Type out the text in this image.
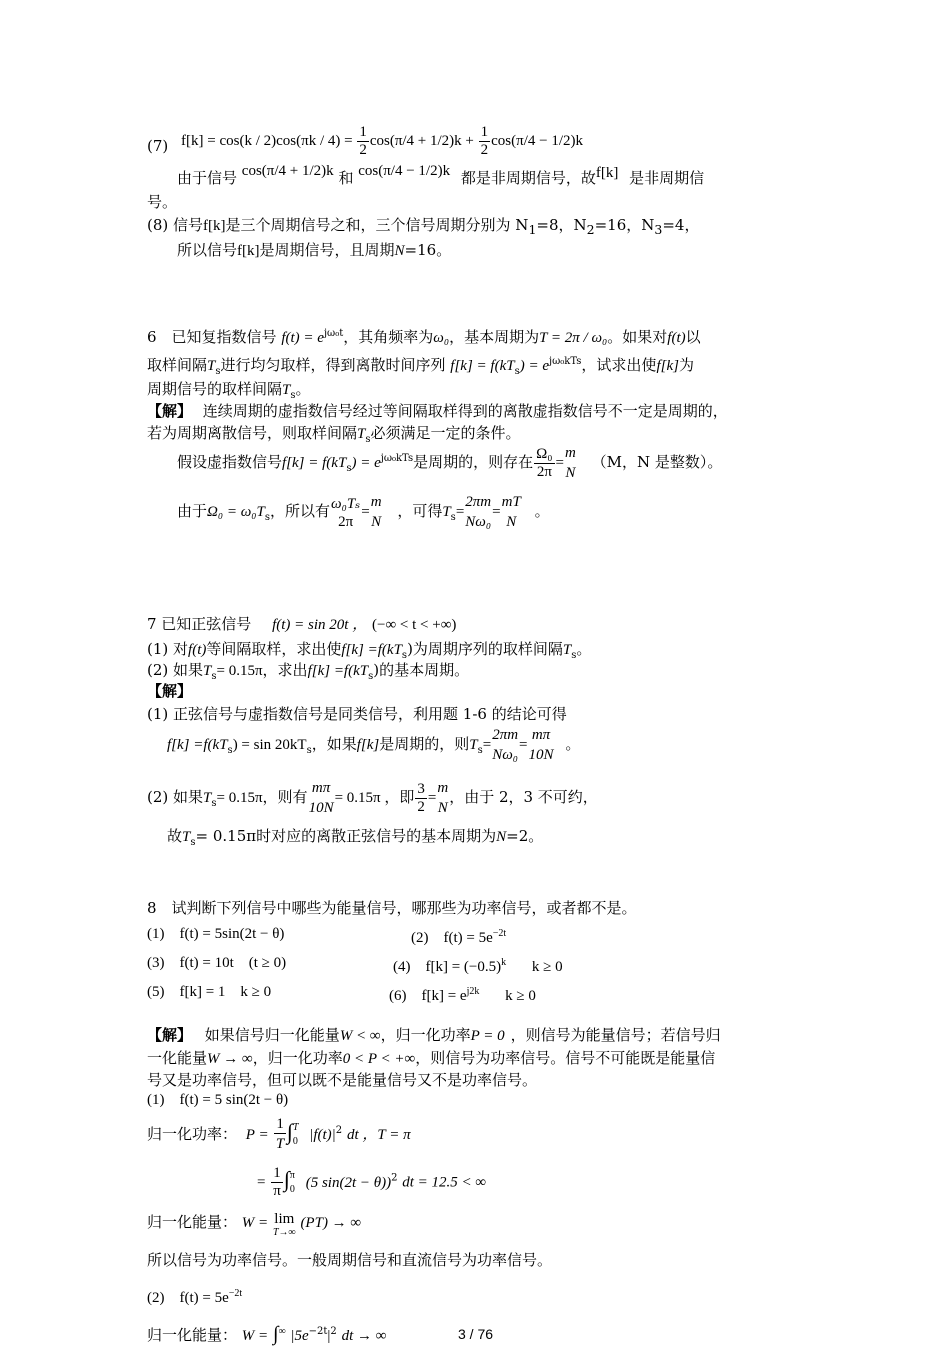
(7) $f[k] = \cos(k / 2)\cos(\pi k / 4) = \frac{1}{2} \cos(\pi/4 + 1/2)k + \frac{1}{2} \cos(\pi/4 - 1/2)k$
由于信号 cos(π/4 + 1/2)k 和 cos(π/4 − 1/2)k 都是非周期信号，故f[k] 是非周期信
号。
(8) 信号f[k]是三个周期信号之和，三个信号周期分别为 $N_1=8$，$N_2=16$，$N_3=4$，
所以信号f[k]是周期信号，且周期N=16。
6　已知复指数信号 $f(t) = e^{j\omega_0t}$，其角频率为ω₀，基本周期为T = 2π / ω₀。如果对f(t)以
取样间隔$T_s$进行均匀取样，得到离散时间序列 $f[k] = f(kT_s) = e^{j\omega_0kTs}$，试求出使f[k]为
周期信号的取样间隔$T_s$。
【解】 连续周期的虚指数信号经过等间隔取样得到的离散虚指数信号不一定是周期的，
若为周期离散信号，则取样间隔$T_s$必须满足一定的条件。
假设虚指数信号$f[k] = f(kT_s) = e^{j\omega_0kTs}$是周期的，则存在 $\frac{\text{Ω₀}}{2\pi}$ =
m
N
（M，N 是整数）。
由于$\Omega_0 = \omega_0T_s$，所以有 ω₀Tₛ
2π
=
m
N
，可得$T_s=$
2πm
Nω₀
=
mT
N
。
7 已知正弦信号 f(t) = sin 20t ， (−∞ < t < +∞)
(1) 对f(t)等间隔取样，求出使$f[k] =f(kT_s)$为周期序列的取样间隔$T_s$。
(2) 如果$T_s= 0.15\pi$，求出$f[k] =f(kT_s)$的基本周期。
【解】
(1) 正弦信号与虚指数信号是同类信号，利用题 1-6 的结论可得
$f[k] =f(kT_s) = \sin 20kT_s$，如果f[k]是周期的，则$T_s=$
2πm
Nω₀
=
mπ
10N
。
(2) 如果$T_s= 0.15\pi$，则有
mπ
10N
= 0.15π ，即 $\frac{3}{2}$ =
m
N
，由于 2，3 不可约，
故$T_s= 0.15\pi$时对应的离散正弦信号的基本周期为N=2。
8　试判断下列信号中哪些为能量信号，哪那些为功率信号，或者都不是。
(1)　f(t) = 5sin(2t − θ)	(2)　$f(t) = 5e^{-2t}$
(3)　f(t) = 10t　(t ≥ 0)	(4)　$f[k] = (-0.5)^k$ k ≥ 0
(5)　f[k] = 1　k ≥ 0	(6)　$f[k] = e^{j2k}$ k ≥ 0
【解】 如果信号归一化能量W < ∞，归一化功率P = 0 ，则信号为能量信号；若信号归
一化能量W → ∞，归一化功率0 < P < +∞，则信号为功率信号。信号不可能既是能量信
号又是功率信号，但可以既不是能量信号又不是功率信号。
(1)　f(t) = 5 sin(2t − θ)
归一化功率： $P = \frac{1}{T}$ ∫ T
0 $|f(t)|^2$ dt ，T = π
= $\frac{1}{\pi}$ ∫ π
0 (5 sin(2t − θ))$^2$ dt = 12.5 < ∞
归一化能量： W = lim
T→∞
(PT) → ∞
所以信号为功率信号。一般周期信号和直流信号为功率信号。
(2)　$f(t) = 5e^{-2t}$
归一化能量： W = ∫∞ $|5e^{-2t}|^2$ dt → ∞	3 / 76
